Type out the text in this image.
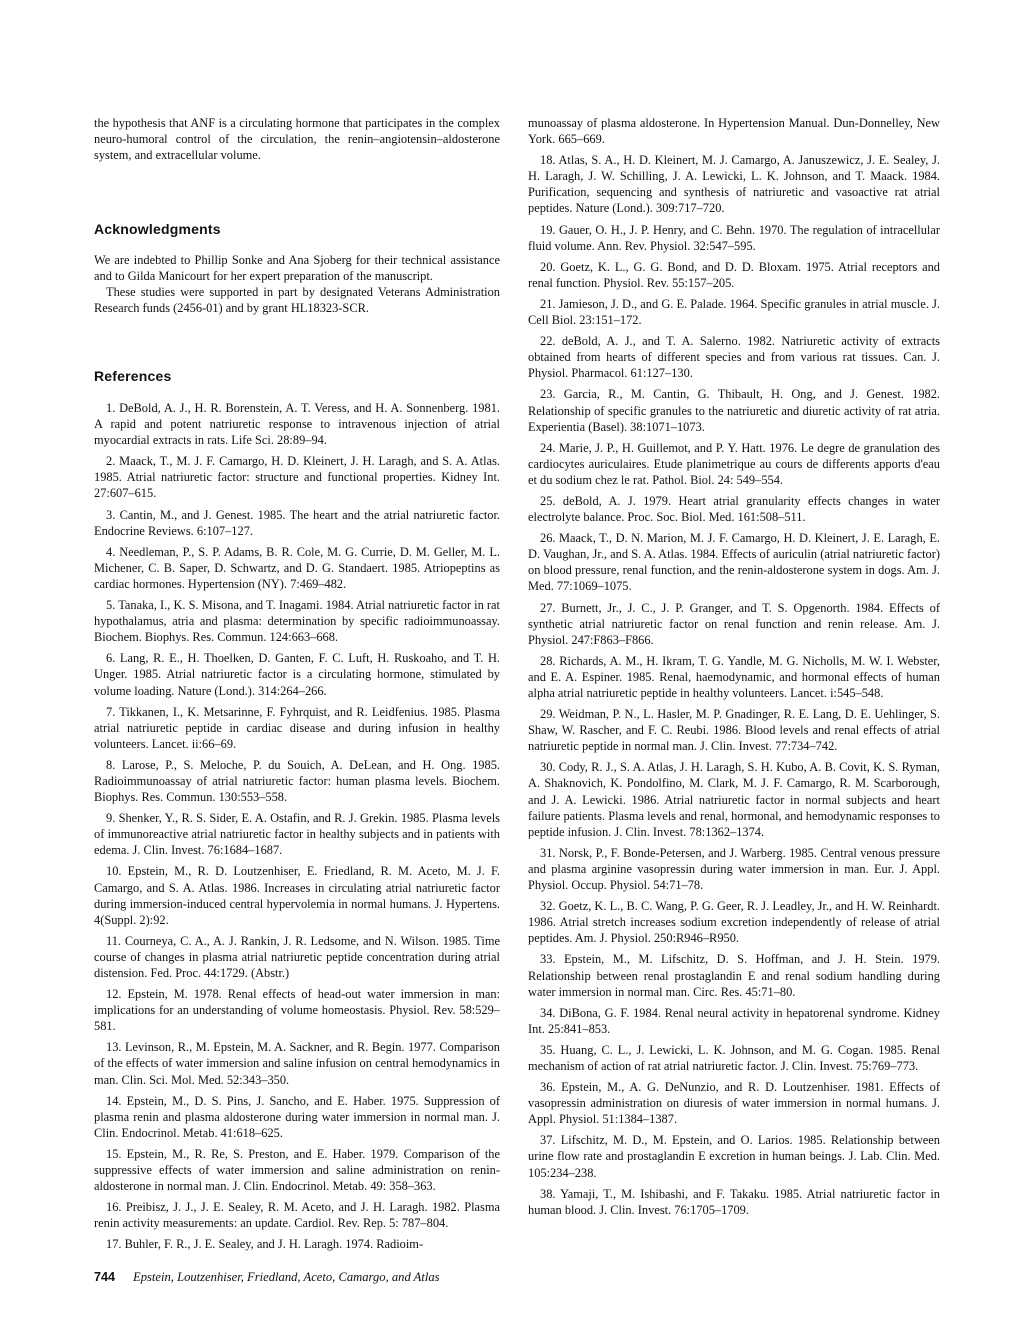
the hypothesis that ANF is a circulating hormone that participates in the complex neuro-humoral control of the circulation, the renin–angiotensin–aldosterone system, and extracellular volume.

Acknowledgments

We are indebted to Phillip Sonke and Ana Sjoberg for their technical assistance and to Gilda Manicourt for her expert preparation of the manuscript.

These studies were supported in part by designated Veterans Administration Research funds (2456-01) and by grant HL18323-SCR.

References

1. DeBold, A. J., H. R. Borenstein, A. T. Veress, and H. A. Sonnenberg. 1981. A rapid and potent natriuretic response to intravenous injection of atrial myocardial extracts in rats. Life Sci. 28:89–94.

2. Maack, T., M. J. F. Camargo, H. D. Kleinert, J. H. Laragh, and S. A. Atlas. 1985. Atrial natriuretic factor: structure and functional properties. Kidney Int. 27:607–615.

3. Cantin, M., and J. Genest. 1985. The heart and the atrial natriuretic factor. Endocrine Reviews. 6:107–127.

4. Needleman, P., S. P. Adams, B. R. Cole, M. G. Currie, D. M. Geller, M. L. Michener, C. B. Saper, D. Schwartz, and D. G. Standaert. 1985. Atriopeptins as cardiac hormones. Hypertension (NY). 7:469–482.

5. Tanaka, I., K. S. Misona, and T. Inagami. 1984. Atrial natriuretic factor in rat hypothalamus, atria and plasma: determination by specific radioimmunoassay. Biochem. Biophys. Res. Commun. 124:663–668.

6. Lang, R. E., H. Thoelken, D. Ganten, F. C. Luft, H. Ruskoaho, and T. H. Unger. 1985. Atrial natriuretic factor is a circulating hormone, stimulated by volume loading. Nature (Lond.). 314:264–266.

7. Tikkanen, I., K. Metsarinne, F. Fyhrquist, and R. Leidfenius. 1985. Plasma atrial natriuretic peptide in cardiac disease and during infusion in healthy volunteers. Lancet. ii:66–69.

8. Larose, P., S. Meloche, P. du Souich, A. DeLean, and H. Ong. 1985. Radioimmunoassay of atrial natriuretic factor: human plasma levels. Biochem. Biophys. Res. Commun. 130:553–558.

9. Shenker, Y., R. S. Sider, E. A. Ostafin, and R. J. Grekin. 1985. Plasma levels of immunoreactive atrial natriuretic factor in healthy subjects and in patients with edema. J. Clin. Invest. 76:1684–1687.

10. Epstein, M., R. D. Loutzenhiser, E. Friedland, R. M. Aceto, M. J. F. Camargo, and S. A. Atlas. 1986. Increases in circulating atrial natriuretic factor during immersion-induced central hypervolemia in normal humans. J. Hypertens. 4(Suppl. 2):92.

11. Courneya, C. A., A. J. Rankin, J. R. Ledsome, and N. Wilson. 1985. Time course of changes in plasma atrial natriuretic peptide concentration during atrial distension. Fed. Proc. 44:1729. (Abstr.)

12. Epstein, M. 1978. Renal effects of head-out water immersion in man: implications for an understanding of volume homeostasis. Physiol. Rev. 58:529–581.

13. Levinson, R., M. Epstein, M. A. Sackner, and R. Begin. 1977. Comparison of the effects of water immersion and saline infusion on central hemodynamics in man. Clin. Sci. Mol. Med. 52:343–350.

14. Epstein, M., D. S. Pins, J. Sancho, and E. Haber. 1975. Suppression of plasma renin and plasma aldosterone during water immersion in normal man. J. Clin. Endocrinol. Metab. 41:618–625.

15. Epstein, M., R. Re, S. Preston, and E. Haber. 1979. Comparison of the suppressive effects of water immersion and saline administration on renin-aldosterone in normal man. J. Clin. Endocrinol. Metab. 49: 358–363.

16. Preibisz, J. J., J. E. Sealey, R. M. Aceto, and J. H. Laragh. 1982. Plasma renin activity measurements: an update. Cardiol. Rev. Rep. 5: 787–804.

17. Buhler, F. R., J. E. Sealey, and J. H. Laragh. 1974. Radioim-

munoassay of plasma aldosterone. In Hypertension Manual. Dun-Donnelley, New York. 665–669.

18. Atlas, S. A., H. D. Kleinert, M. J. Camargo, A. Januszewicz, J. E. Sealey, J. H. Laragh, J. W. Schilling, J. A. Lewicki, L. K. Johnson, and T. Maack. 1984. Purification, sequencing and synthesis of natriuretic and vasoactive rat atrial peptides. Nature (Lond.). 309:717–720.

19. Gauer, O. H., J. P. Henry, and C. Behn. 1970. The regulation of intracellular fluid volume. Ann. Rev. Physiol. 32:547–595.

20. Goetz, K. L., G. G. Bond, and D. D. Bloxam. 1975. Atrial receptors and renal function. Physiol. Rev. 55:157–205.

21. Jamieson, J. D., and G. E. Palade. 1964. Specific granules in atrial muscle. J. Cell Biol. 23:151–172.

22. deBold, A. J., and T. A. Salerno. 1982. Natriuretic activity of extracts obtained from hearts of different species and from various rat tissues. Can. J. Physiol. Pharmacol. 61:127–130.

23. Garcia, R., M. Cantin, G. Thibault, H. Ong, and J. Genest. 1982. Relationship of specific granules to the natriuretic and diuretic activity of rat atria. Experientia (Basel). 38:1071–1073.

24. Marie, J. P., H. Guillemot, and P. Y. Hatt. 1976. Le degre de granulation des cardiocytes auriculaires. Etude planimetrique au cours de differents apports d'eau et du sodium chez le rat. Pathol. Biol. 24: 549–554.

25. deBold, A. J. 1979. Heart atrial granularity effects changes in water electrolyte balance. Proc. Soc. Biol. Med. 161:508–511.

26. Maack, T., D. N. Marion, M. J. F. Camargo, H. D. Kleinert, J. E. Laragh, E. D. Vaughan, Jr., and S. A. Atlas. 1984. Effects of auriculin (atrial natriuretic factor) on blood pressure, renal function, and the renin-aldosterone system in dogs. Am. J. Med. 77:1069–1075.

27. Burnett, Jr., J. C., J. P. Granger, and T. S. Opgenorth. 1984. Effects of synthetic atrial natriuretic factor on renal function and renin release. Am. J. Physiol. 247:F863–F866.

28. Richards, A. M., H. Ikram, T. G. Yandle, M. G. Nicholls, M. W. I. Webster, and E. A. Espiner. 1985. Renal, haemodynamic, and hormonal effects of human alpha atrial natriuretic peptide in healthy volunteers. Lancet. i:545–548.

29. Weidman, P. N., L. Hasler, M. P. Gnadinger, R. E. Lang, D. E. Uehlinger, S. Shaw, W. Rascher, and F. C. Reubi. 1986. Blood levels and renal effects of atrial natriuretic peptide in normal man. J. Clin. Invest. 77:734–742.

30. Cody, R. J., S. A. Atlas, J. H. Laragh, S. H. Kubo, A. B. Covit, K. S. Ryman, A. Shaknovich, K. Pondolfino, M. Clark, M. J. F. Camargo, R. M. Scarborough, and J. A. Lewicki. 1986. Atrial natriuretic factor in normal subjects and heart failure patients. Plasma levels and renal, hormonal, and hemodynamic responses to peptide infusion. J. Clin. Invest. 78:1362–1374.

31. Norsk, P., F. Bonde-Petersen, and J. Warberg. 1985. Central venous pressure and plasma arginine vasopressin during water immersion in man. Eur. J. Appl. Physiol. Occup. Physiol. 54:71–78.

32. Goetz, K. L., B. C. Wang, P. G. Geer, R. J. Leadley, Jr., and H. W. Reinhardt. 1986. Atrial stretch increases sodium excretion independently of release of atrial peptides. Am. J. Physiol. 250:R946–R950.

33. Epstein, M., M. Lifschitz, D. S. Hoffman, and J. H. Stein. 1979. Relationship between renal prostaglandin E and renal sodium handling during water immersion in normal man. Circ. Res. 45:71–80.

34. DiBona, G. F. 1984. Renal neural activity in hepatorenal syndrome. Kidney Int. 25:841–853.

35. Huang, C. L., J. Lewicki, L. K. Johnson, and M. G. Cogan. 1985. Renal mechanism of action of rat atrial natriuretic factor. J. Clin. Invest. 75:769–773.

36. Epstein, M., A. G. DeNunzio, and R. D. Loutzenhiser. 1981. Effects of vasopressin administration on diuresis of water immersion in normal humans. J. Appl. Physiol. 51:1384–1387.

37. Lifschitz, M. D., M. Epstein, and O. Larios. 1985. Relationship between urine flow rate and prostaglandin E excretion in human beings. J. Lab. Clin. Med. 105:234–238.

38. Yamaji, T., M. Ishibashi, and F. Takaku. 1985. Atrial natriuretic factor in human blood. J. Clin. Invest. 76:1705–1709.

744 Epstein, Loutzenhiser, Friedland, Aceto, Camargo, and Atlas
